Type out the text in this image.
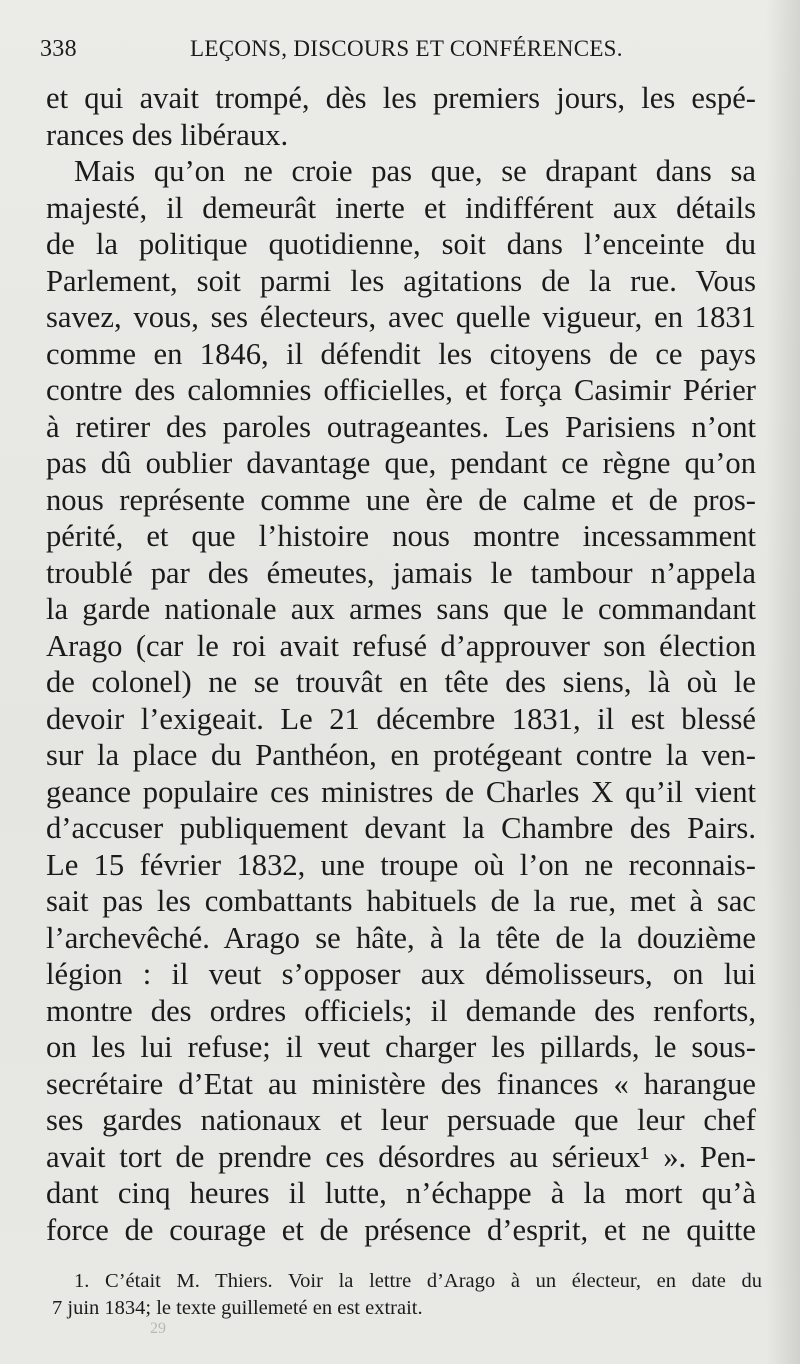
338	LEÇONS, DISCOURS ET CONFÉRENCES.
et qui avait trompé, dès les premiers jours, les espé-
rances des libéraux.
Mais qu’on ne croie pas que, se drapant dans sa
majesté, il demeurât inerte et indifférent aux détails
de la politique quotidienne, soit dans l’enceinte du
Parlement, soit parmi les agitations de la rue. Vous
savez, vous, ses électeurs, avec quelle vigueur, en 1831
comme en 1846, il défendit les citoyens de ce pays
contre des calomnies officielles, et força Casimir Périer
à retirer des paroles outrageantes. Les Parisiens n’ont
pas dû oublier davantage que, pendant ce règne qu’on
nous représente comme une ère de calme et de pros-
périté, et que l’histoire nous montre incessamment
troublé par des émeutes, jamais le tambour n’appela
la garde nationale aux armes sans que le commandant
Arago (car le roi avait refusé d’approuver son élection
de colonel) ne se trouvât en tête des siens, là où le
devoir l’exigeait. Le 21 décembre 1831, il est blessé
sur la place du Panthéon, en protégeant contre la ven-
geance populaire ces ministres de Charles X qu’il vient
d’accuser publiquement devant la Chambre des Pairs.
Le 15 février 1832, une troupe où l’on ne reconnais-
sait pas les combattants habituels de la rue, met à sac
l’archevêché. Arago se hâte, à la tête de la douzième
légion : il veut s’opposer aux démolisseurs, on lui
montre des ordres officiels; il demande des renforts,
on les lui refuse; il veut charger les pillards, le sous-
secrétaire d’Etat au ministère des finances « harangue
ses gardes nationaux et leur persuade que leur chef
avait tort de prendre ces désordres au sérieux¹ ». Pen-
dant cinq heures il lutte, n’échappe à la mort qu’à
force de courage et de présence d’esprit, et ne quitte
1. C’était M. Thiers. Voir la lettre d’Arago à un électeur, en date du
7 juin 1834; le texte guillemeté en est extrait.
29
